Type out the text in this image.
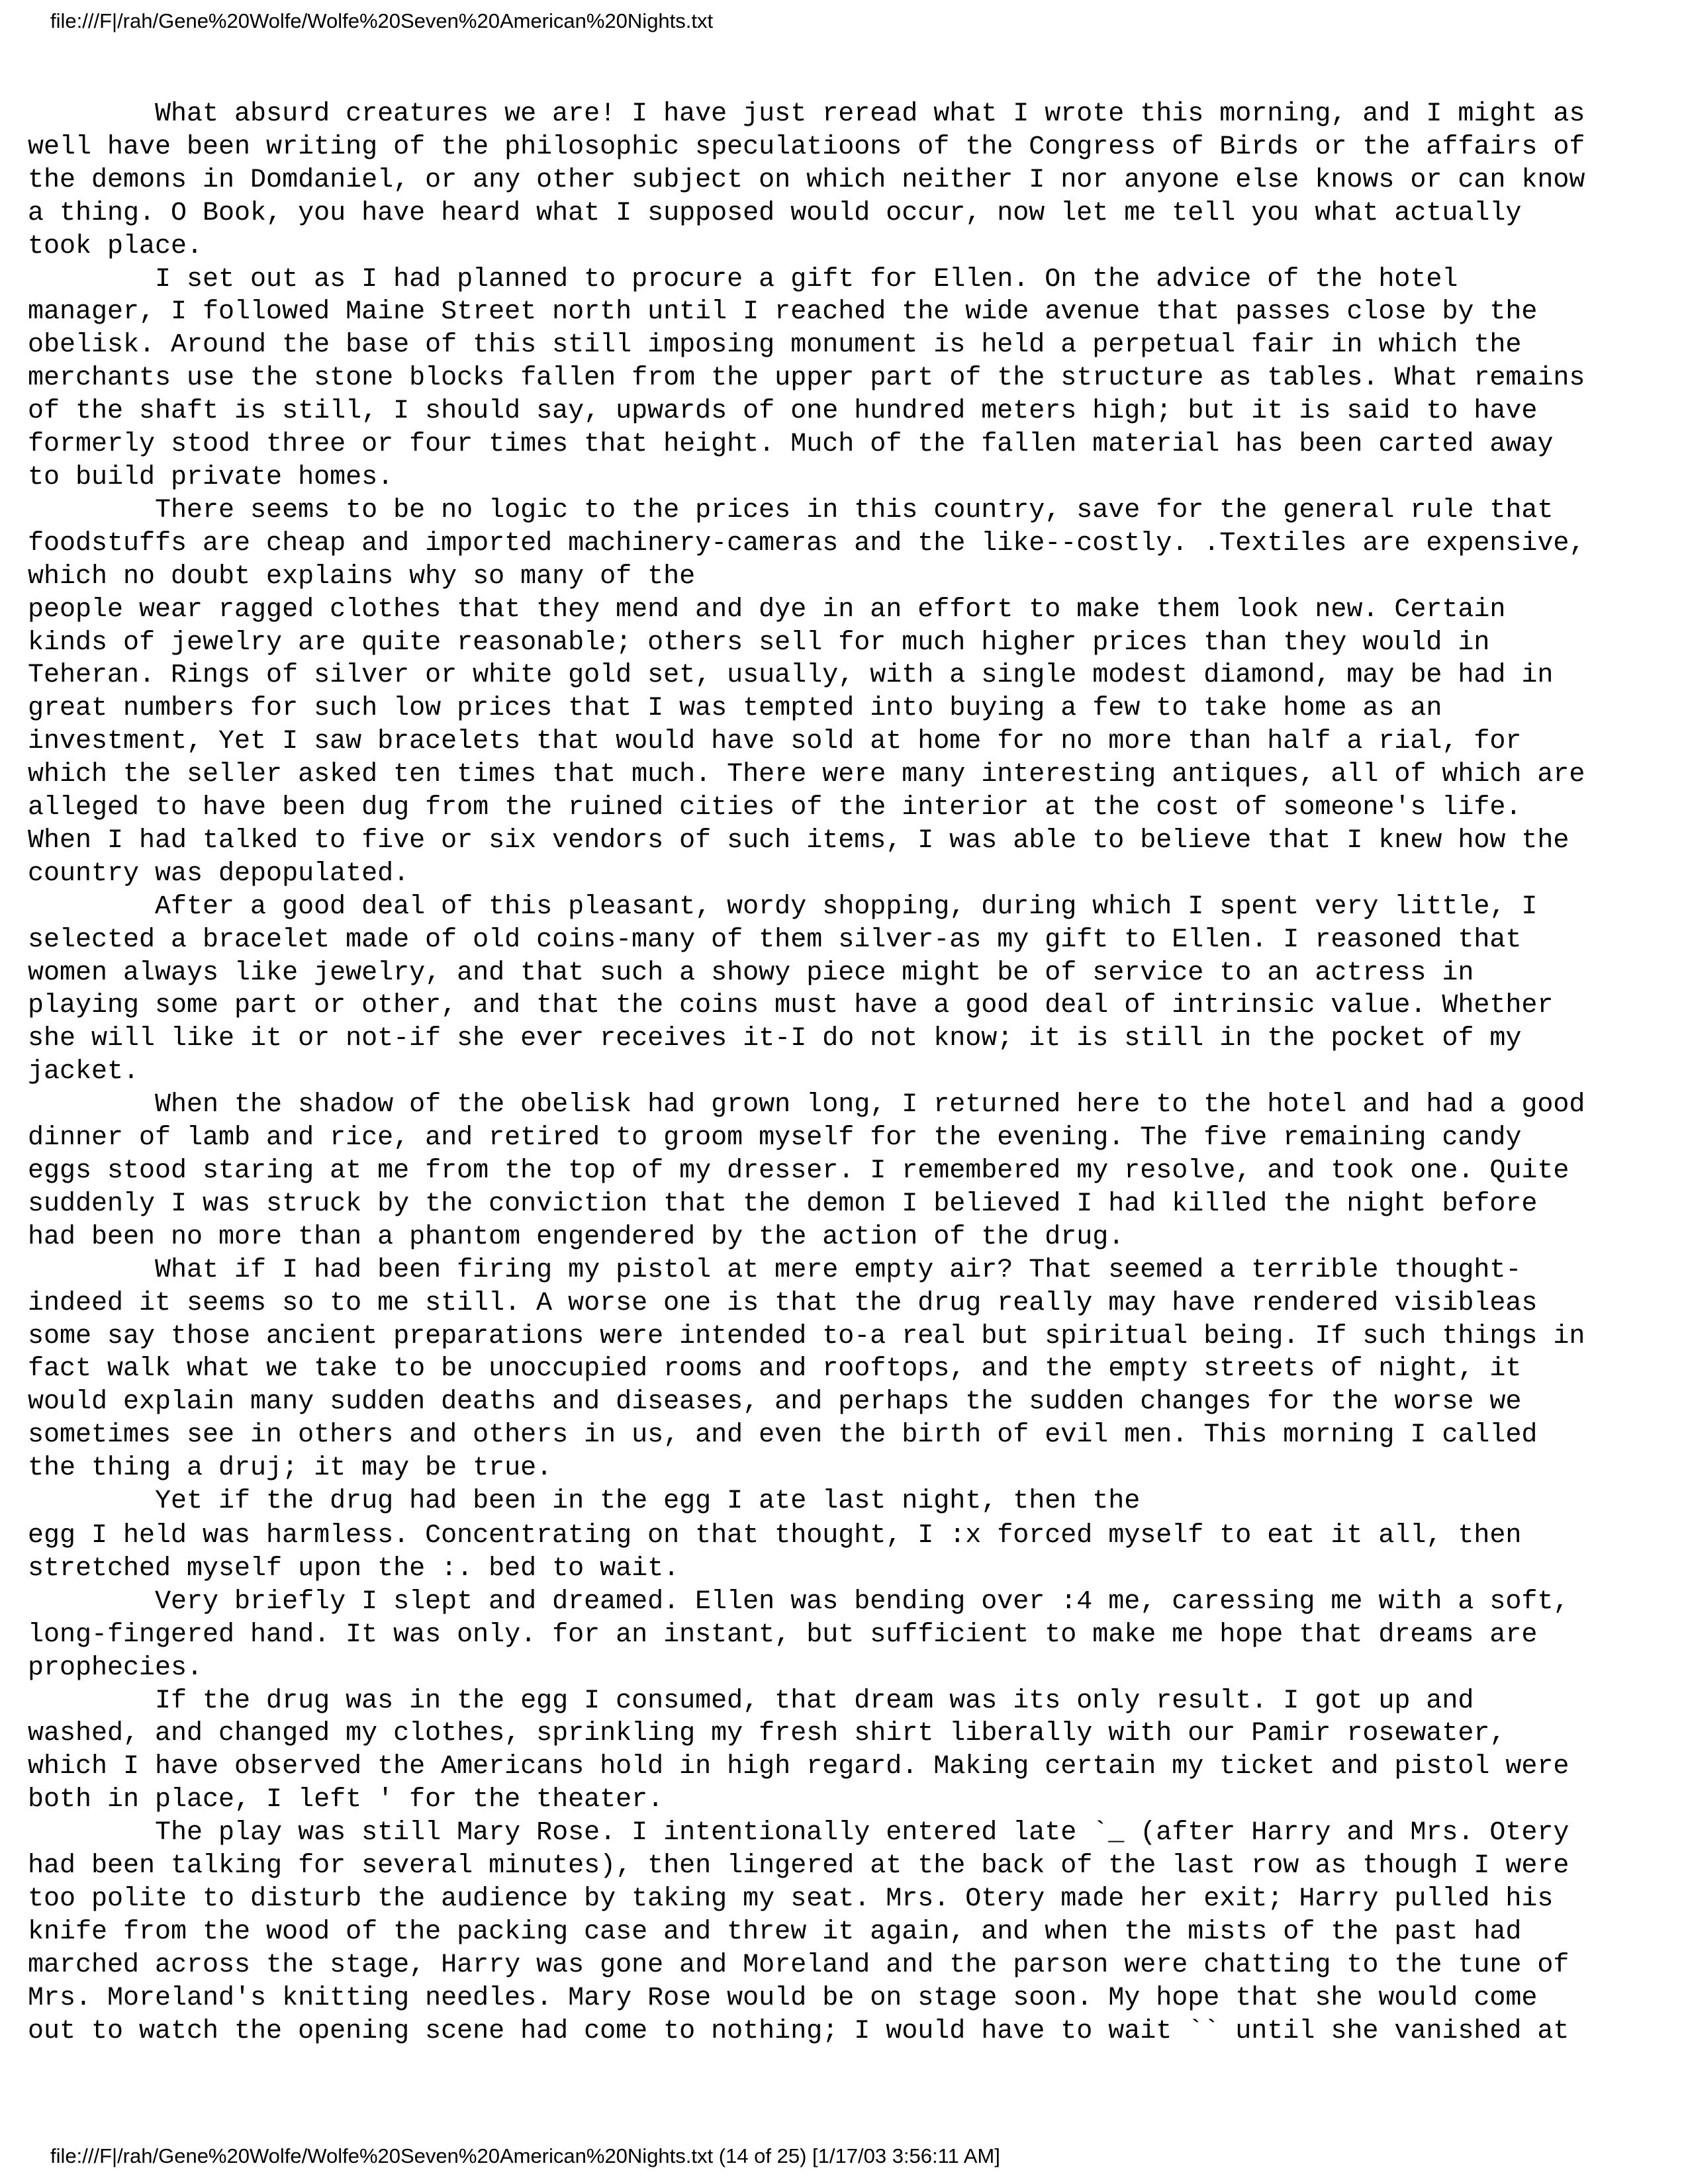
file:///F|/rah/Gene%20Wolfe/Wolfe%20Seven%20American%20Nights.txt
What absurd creatures we are! I have just reread what I wrote this morning, and I might as
well have been writing of the philosophic speculatioons of the Congress of Birds or the affairs of
the demons in Domdaniel, or any other subject on which neither I nor anyone else knows or can know
a thing. O Book, you have heard what I supposed would occur, now let me tell you what actually
took place.
I set out as I had planned to procure a gift for Ellen. On the advice of the hotel
manager, I followed Maine Street north until I reached the wide avenue that passes close by the
obelisk. Around the base of this still imposing monument is held a perpetual fair in which the
merchants use the stone blocks fallen from the upper part of the structure as tables. What remains
of the shaft is still, I should say, upwards of one hundred meters high; but it is said to have
formerly stood three or four times that height. Much of the fallen material has been carted away
to build private homes.
There seems to be no logic to the prices in this country, save for the general rule that
foodstuffs are cheap and imported machinery-cameras and the like--costly. .Textiles are expensive,
which no doubt explains why so many of the
people wear ragged clothes that they mend and dye in an effort to make them look new. Certain
kinds of jewelry are quite reasonable; others sell for much higher prices than they would in
Teheran. Rings of silver or white gold set, usually, with a single modest diamond, may be had in
great numbers for such low prices that I was tempted into buying a few to take home as an
investment, Yet I saw bracelets that would have sold at home for no more than half a rial, for
which the seller asked ten times that much. There were many interesting antiques, all of which are
alleged to have been dug from the ruined cities of the interior at the cost of someone's life.
When I had talked to five or six vendors of such items, I was able to believe that I knew how the
country was depopulated.
After a good deal of this pleasant, wordy shopping, during which I spent very little, I
selected a bracelet made of old coins-many of them silver-as my gift to Ellen. I reasoned that
women always like jewelry, and that such a showy piece might be of service to an actress in
playing some part or other, and that the coins must have a good deal of intrinsic value. Whether
she will like it or not-if she ever receives it-I do not know; it is still in the pocket of my
jacket.
When the shadow of the obelisk had grown long, I returned here to the hotel and had a good
dinner of lamb and rice, and retired to groom myself for the evening. The five remaining candy
eggs stood staring at me from the top of my dresser. I remembered my resolve, and took one. Quite
suddenly I was struck by the conviction that the demon I believed I had killed the night before
had been no more than a phantom engendered by the action of the drug.
What if I had been firing my pistol at mere empty air? That seemed a terrible thought-
indeed it seems so to me still. A worse one is that the drug really may have rendered visibleas
some say those ancient preparations were intended to-a real but spiritual being. If such things in
fact walk what we take to be unoccupied rooms and rooftops, and the empty streets of night, it
would explain many sudden deaths and diseases, and perhaps the sudden changes for the worse we
sometimes see in others and others in us, and even the birth of evil men. This morning I called
the thing a druj; it may be true.
Yet if the drug had been in the egg I ate last night, then the

egg I held was harmless. Concentrating on that thought, I :x forced myself to eat it all, then
stretched myself upon the :. bed to wait.
Very briefly I slept and dreamed. Ellen was bending over :4 me, caressing me with a soft,
long-fingered hand. It was only. for an instant, but sufficient to make me hope that dreams are
prophecies.
If the drug was in the egg I consumed, that dream was its only result. I got up and
washed, and changed my clothes, sprinkling my fresh shirt liberally with our Pamir rosewater,
which I have observed the Americans hold in high regard. Making certain my ticket and pistol were
both in place, I left ' for the theater.
The play was still Mary Rose. I intentionally entered late `_ (after Harry and Mrs. Otery
had been talking for several minutes), then lingered at the back of the last row as though I were
too polite to disturb the audience by taking my seat. Mrs. Otery made her exit; Harry pulled his
knife from the wood of the packing case and threw it again, and when the mists of the past had
marched across the stage, Harry was gone and Moreland and the parson were chatting to the tune of
Mrs. Moreland's knitting needles. Mary Rose would be on stage soon. My hope that she would come
out to watch the opening scene had come to nothing; I would have to wait `` until she vanished at

file:///F|/rah/Gene%20Wolfe/Wolfe%20Seven%20American%20Nights.txt (14 of 25) [1/17/03 3:56:11 AM]
